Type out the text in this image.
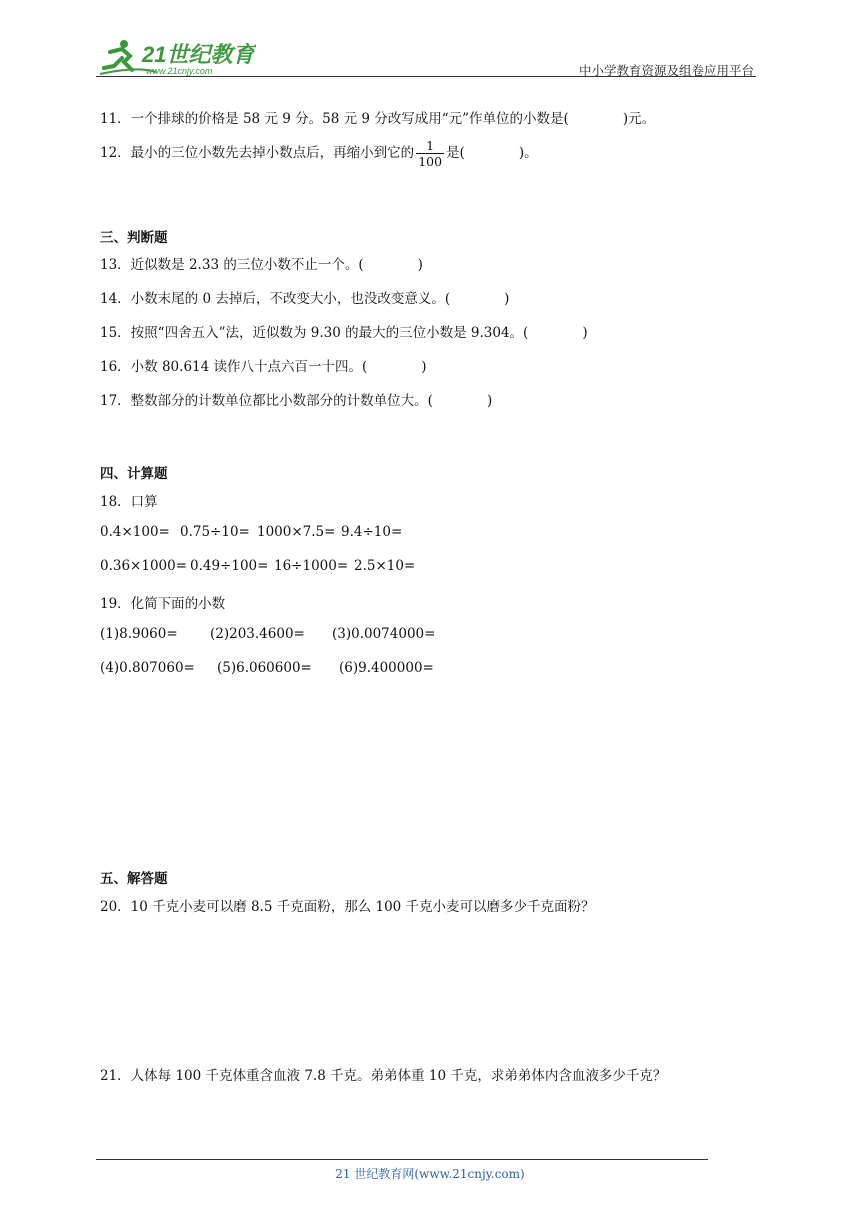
21世纪教育
www.21cnjy.com	中小学教育资源及组卷应用平台
11．一个排球的价格是 58 元 9 分。58 元 9 分改写成用“元”作单位的小数是(　　　　)元。
12．最小的三位小数先去掉小数点后，再缩小到它的 $\frac{1}{100}$ 是(　　　　)。
三、判断题
13．近似数是 2.33 的三位小数不止一个。(　　　　)
14．小数末尾的 0 去掉后，不改变大小，也没改变意义。(　　　　)
15．按照“四舍五入”法，近似数为 9.30 的最大的三位小数是 9.304。(　　　　)
16．小数 80.614 读作八十点六百一十四。(　　　　)
17．整数部分的计数单位都比小数部分的计数单位大。(　　　　)
四、计算题
18．口算
0.4×100= 0.75÷10= 1000×7.5= 9.4÷10=
0.36×1000= 0.49÷100= 16÷1000= 2.5×10=
19．化简下面的小数
(1)8.9060= (2)203.4600= (3)0.0074000=
(4)0.807060= (5)6.060600= (6)9.400000=
五、解答题
20．10 千克小麦可以磨 8.5 千克面粉，那么 100 千克小麦可以磨多少千克面粉？
21．人体每 100 千克体重含血液 7.8 千克。弟弟体重 10 千克，求弟弟体内含血液多少千克？
21 世纪教育网(www.21cnjy.com)
